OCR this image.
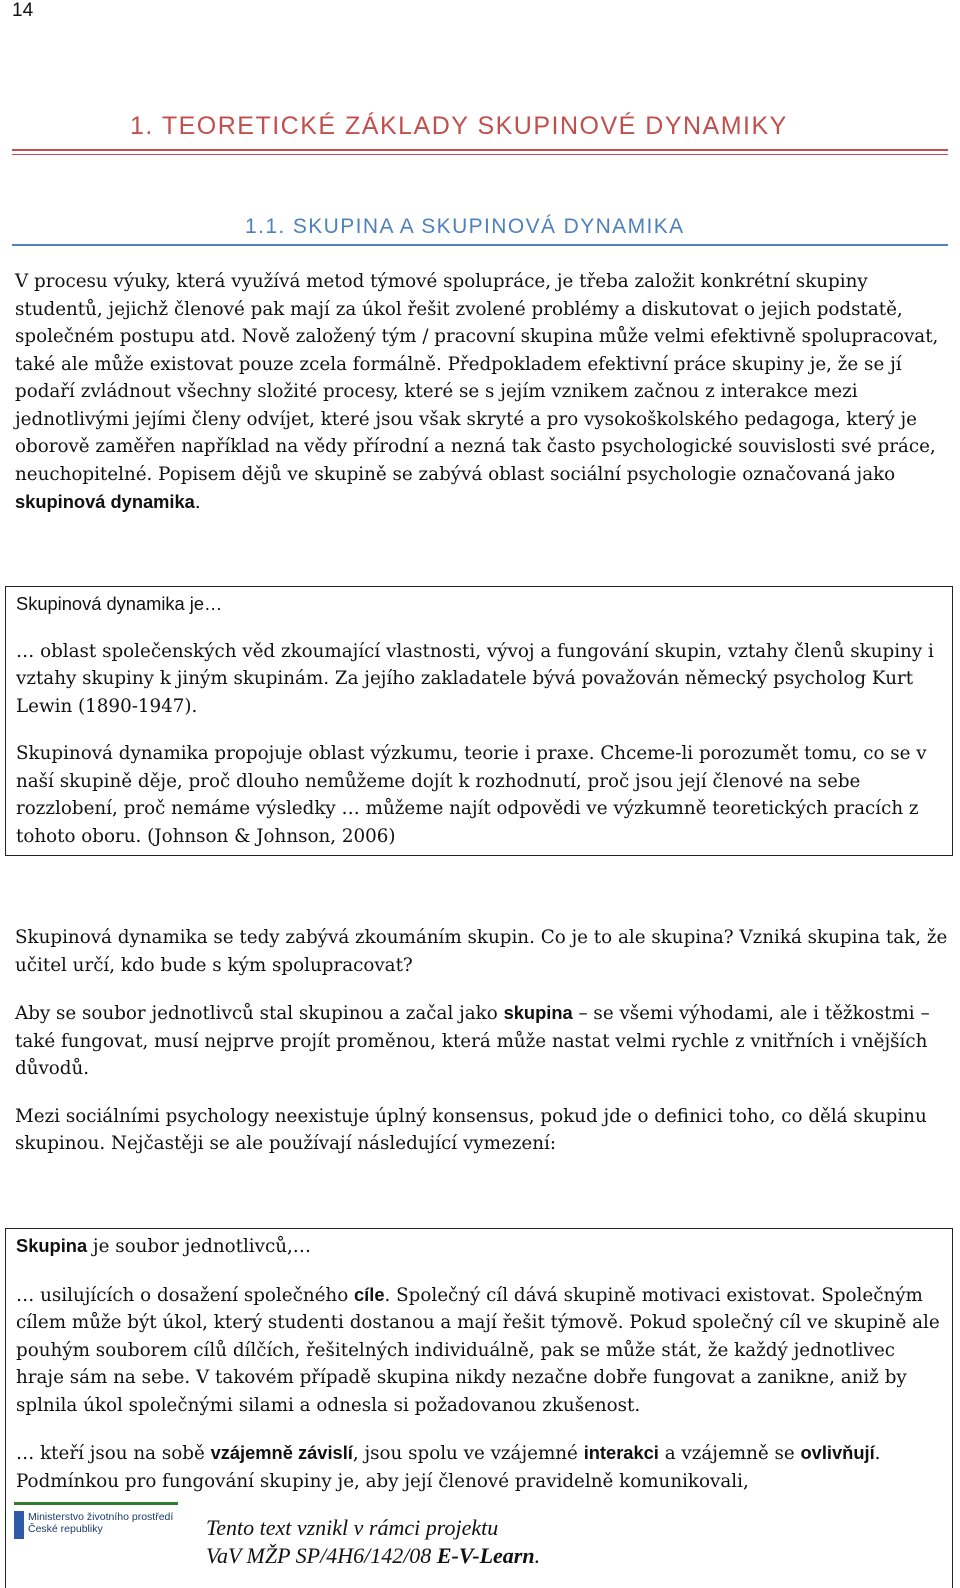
14
1. TEORETICKÉ ZÁKLADY SKUPINOVÉ DYNAMIKY
1.1. SKUPINA A SKUPINOVÁ DYNAMIKA

V procesu výuky, která využívá metod týmové spolupráce, je třeba založit konkrétní skupiny studentů, jejichž členové pak mají za úkol řešit zvolené problémy a diskutovat o jejich podstatě, společném postupu atd. Nově založený tým / pracovní skupina může velmi efektivně spolupracovat, také ale může existovat pouze zcela formálně. Předpokladem efektivní práce skupiny je, že se jí podaří zvládnout všechny složité procesy, které se s jejím vznikem začnou z interakce mezi jednotlivými jejími členy odvíjet, které jsou však skryté a pro vysokoškolského pedagoga, který je oborově zaměřen například na vědy přírodní a nezná tak často psychologické souvislosti své práce, neuchopitelné. Popisem dějů ve skupině se zabývá oblast sociální psychologie označovaná jako skupinová dynamika.

Skupinová dynamika je…

… oblast společenských věd zkoumající vlastnosti, vývoj a fungování skupin, vztahy členů skupiny i vztahy skupiny k jiným skupinám. Za jejího zakladatele bývá považován německý psycholog Kurt Lewin (1890-1947).

Skupinová dynamika propojuje oblast výzkumu, teorie i praxe. Chceme-li porozumět tomu, co se v naší skupině děje, proč dlouho nemůžeme dojít k rozhodnutí, proč jsou její členové na sebe rozzlobení, proč nemáme výsledky … můžeme najít odpovědi ve výzkumně teoretických pracích z tohoto oboru. (Johnson & Johnson, 2006)

Skupinová dynamika se tedy zabývá zkoumáním skupin. Co je to ale skupina? Vzniká skupina tak, že učitel určí, kdo bude s kým spolupracovat?

Aby se soubor jednotlivců stal skupinou a začal jako skupina – se všemi výhodami, ale i těžkostmi – také fungovat, musí nejprve projít proměnou, která může nastat velmi rychle z vnitřních i vnějších důvodů.

Mezi sociálními psychology neexistuje úplný konsensus, pokud jde o definici toho, co dělá skupinu skupinou. Nejčastěji se ale používají následující vymezení:

Skupina je soubor jednotlivců,…

… usilujících o dosažení společného cíle. Společný cíl dává skupině motivaci existovat. Společným cílem může být úkol, který studenti dostanou a mají řešit týmově. Pokud společný cíl ve skupině ale pouhým souborem cílů dílčích, řešitelných individuálně, pak se může stát, že každý jednotlivec hraje sám na sebe. V takovém případě skupina nikdy nezačne dobře fungovat a zanikne, aniž by splnila úkol společnými silami a odnesla si požadovanou zkušenost.

… kteří jsou na sobě vzájemně závislí, jsou spolu ve vzájemné interakci a vzájemně se ovlivňují. Podmínkou pro fungování skupiny je, aby její členové pravidelně komunikovali,

Ministerstvo životního prostředí
České republiky	Tento text vznikl v rámci projektu
VaV MŽP SP/4H6/142/08 E-V-Learn.
